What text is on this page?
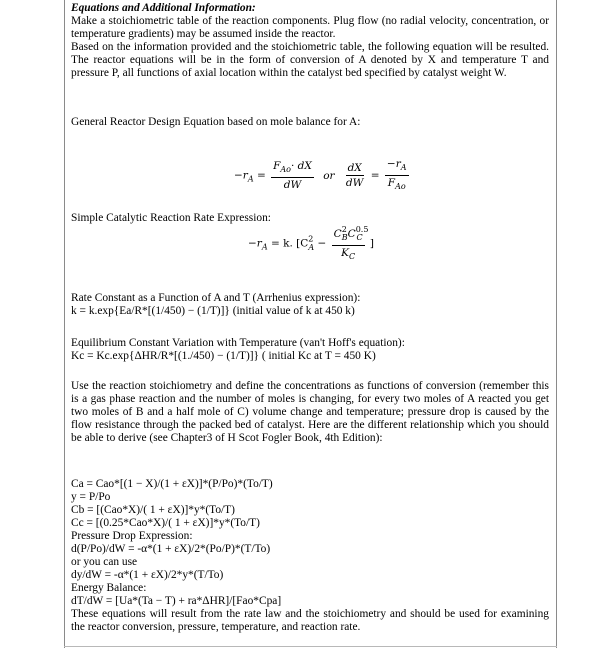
Equations and Additional Information:
Make a stoichiometric table of the reaction components. Plug flow (no radial velocity, concentration, or temperature gradients) may be assumed inside the reactor.
Based on the information provided and the stoichiometric table, the following equation will be resulted. The reactor equations will be in the form of conversion of A denoted by X and temperature T and pressure P, all functions of axial location within the catalyst bed specified by catalyst weight W.
General Reactor Design Equation based on mole balance for A:
$-r_A = \frac{F_{Ao}\cdot dX}{dW}$ or $\frac{dX}{dW} = \frac{-r_A}{F_{Ao}}$
Simple Catalytic Reaction Rate Expression:
$-r_A = k$. [$C^2_A - \frac{C^2_BC^{0.5}_C}{K_C}$ ]
Rate Constant as a Function of A and T (Arrhenius expression):
k = k.exp{Ea/R*[(1/450) − (1/T)]} (initial value of k at 450 k)
Equilibrium Constant Variation with Temperature (van't Hoff's equation):
Kc = Kc.exp{ΔHR/R*[(1./450) − (1/T)]} ( initial Kc at T = 450 K)
Use the reaction stoichiometry and define the concentrations as functions of conversion (remember this is a gas phase reaction and the number of moles is changing, for every two moles of A reacted you get two moles of B and a half mole of C) volume change and temperature; pressure drop is caused by the flow resistance through the packed bed of catalyst. Here are the different relationship which you should be able to derive (see Chapter3 of H Scot Fogler Book, 4th Edition):
Ca = Cao*[(1 − X)/(1 + εX)]*(P/Po)*(To/T)
y = P/Po
Cb = [(Cao*X)/( 1 + εX)]*y*(To/T)
Cc = [(0.25*Cao*X)/( 1 + εX)]*y*(To/T)
Pressure Drop Expression:
d(P/Po)/dW = -α*(1 + εX)/2*(Po/P)*(T/To)
or you can use
dy/dW = -α*(1 + εX)/2*y*(T/To)
Energy Balance:
dT/dW = [Ua*(Ta − T) + ra*ΔHR]/[Fao*Cpa]
These equations will result from the rate law and the stoichiometry and should be used for examining the reactor conversion, pressure, temperature, and reaction rate.
